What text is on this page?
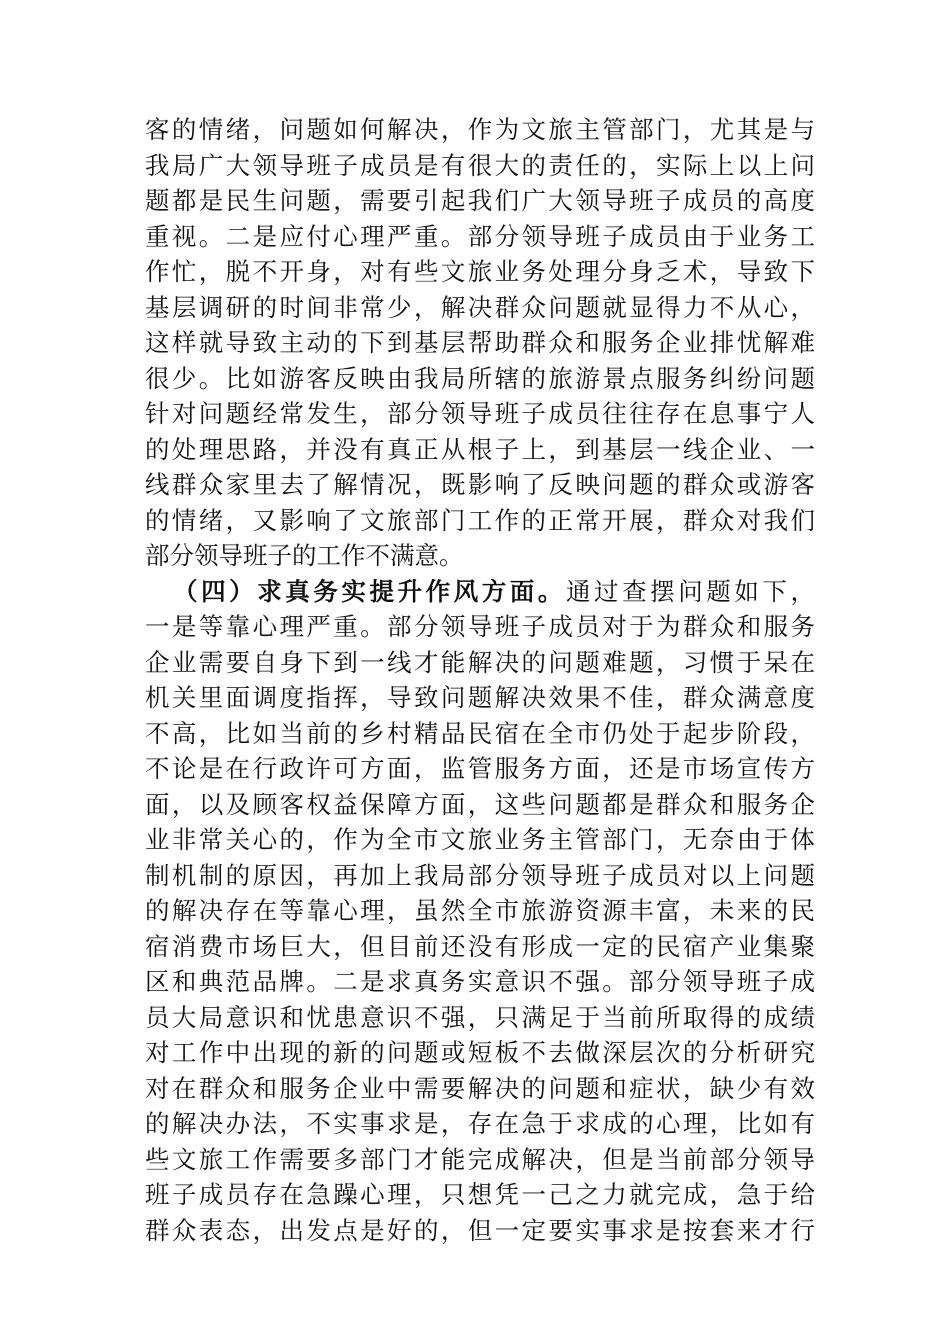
客的情绪，问题如何解决，作为文旅主管部门，尤其是与
我局广大领导班子成员是有很大的责任的，实际上以上问
题都是民生问题，需要引起我们广大领导班子成员的高度
重视。二是应付心理严重。部分领导班子成员由于业务工
作忙，脱不开身，对有些文旅业务处理分身乏术，导致下
基层调研的时间非常少，解决群众问题就显得力不从心，
这样就导致主动的下到基层帮助群众和服务企业排忧解难
很少。比如游客反映由我局所辖的旅游景点服务纠纷问题
针对问题经常发生，部分领导班子成员往往存在息事宁人
的处理思路，并没有真正从根子上，到基层一线企业、一
线群众家里去了解情况，既影响了反映问题的群众或游客
的情绪，又影响了文旅部门工作的正常开展，群众对我们
部分领导班子的工作不满意。
（四）求真务实提升作风方面。通过查摆问题如下，
一是等靠心理严重。部分领导班子成员对于为群众和服务
企业需要自身下到一线才能解决的问题难题，习惯于呆在
机关里面调度指挥，导致问题解决效果不佳，群众满意度
不高，比如当前的乡村精品民宿在全市仍处于起步阶段，
不论是在行政许可方面，监管服务方面，还是市场宣传方
面，以及顾客权益保障方面，这些问题都是群众和服务企
业非常关心的，作为全市文旅业务主管部门，无奈由于体
制机制的原因，再加上我局部分领导班子成员对以上问题
的解决存在等靠心理，虽然全市旅游资源丰富，未来的民
宿消费市场巨大，但目前还没有形成一定的民宿产业集聚
区和典范品牌。二是求真务实意识不强。部分领导班子成
员大局意识和忧患意识不强，只满足于当前所取得的成绩
对工作中出现的新的问题或短板不去做深层次的分析研究
对在群众和服务企业中需要解决的问题和症状，缺少有效
的解决办法，不实事求是，存在急于求成的心理，比如有
些文旅工作需要多部门才能完成解决，但是当前部分领导
班子成员存在急躁心理，只想凭一己之力就完成，急于给
群众表态，出发点是好的，但一定要实事求是按套来才行
